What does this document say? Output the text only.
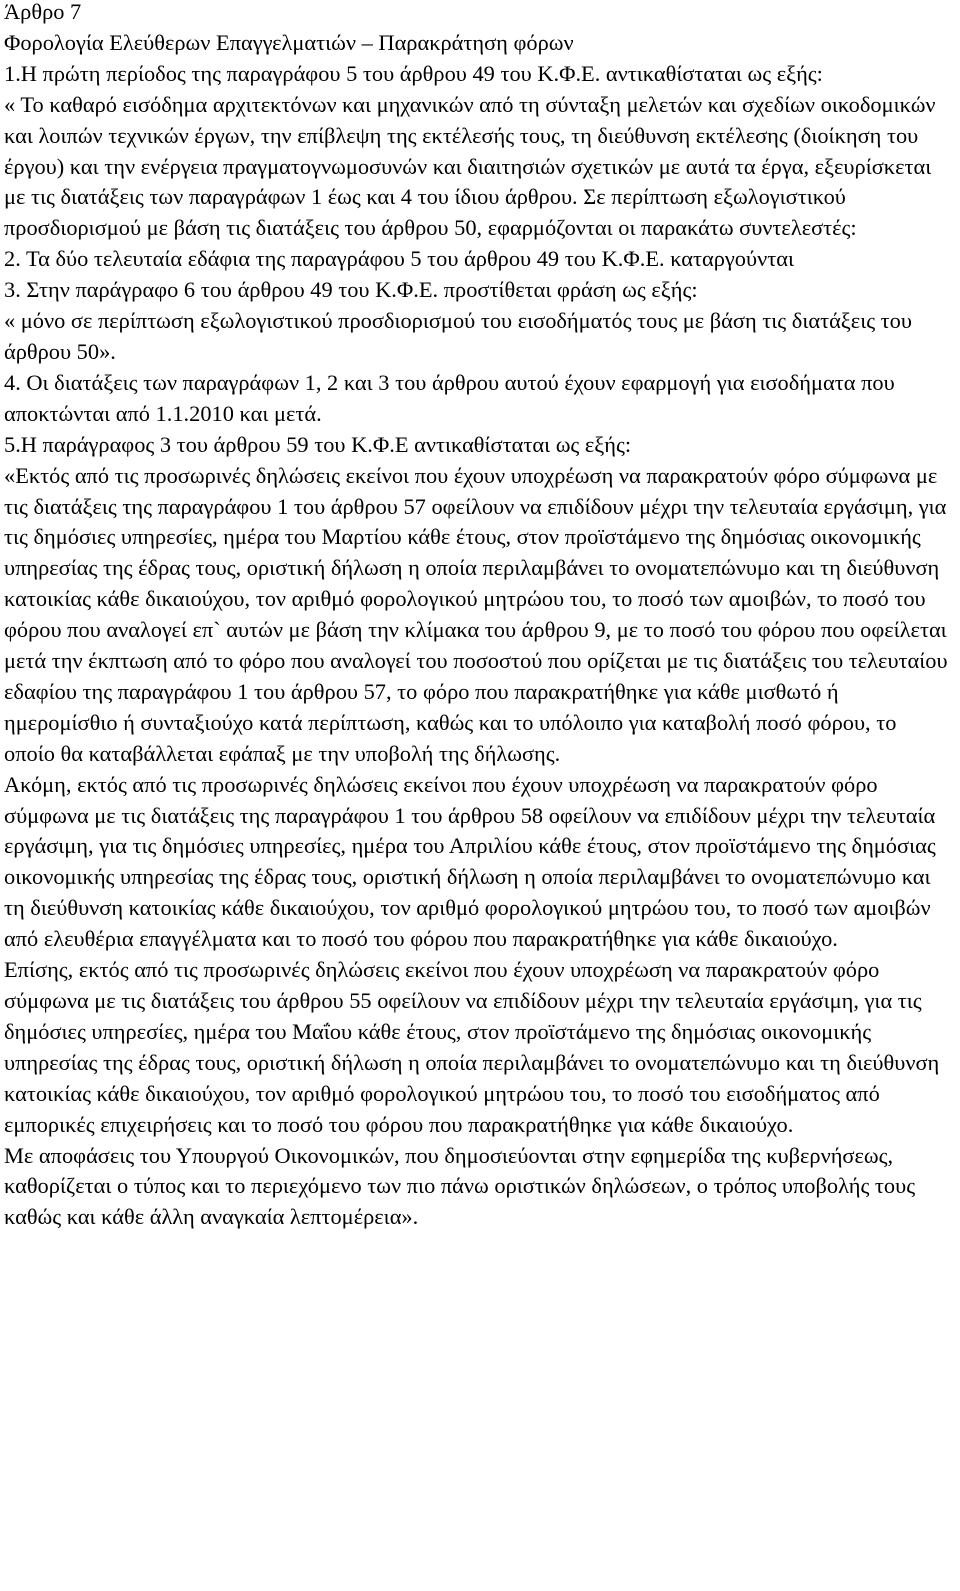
Άρθρο 7

Φορολογία Ελεύθερων Επαγγελματιών – Παρακράτηση φόρων

1.Η πρώτη περίοδος της παραγράφου 5 του άρθρου 49 του Κ.Φ.Ε. αντικαθίσταται ως εξής:

« Το καθαρό εισόδημα αρχιτεκτόνων και μηχανικών από τη σύνταξη μελετών και σχεδίων οικοδομικών και λοιπών τεχνικών έργων, την επίβλεψη της εκτέλεσής τους, τη διεύθυνση εκτέλεσης (διοίκηση του έργου) και την ενέργεια πραγματογνωμοσυνών και διαιτησιών σχετικών με αυτά τα έργα, εξευρίσκεται με τις διατάξεις των παραγράφων 1 έως και 4 του ίδιου άρθρου. Σε περίπτωση εξωλογιστικού προσδιορισμού με βάση τις διατάξεις του άρθρου 50, εφαρμόζονται οι παρακάτω συντελεστές:

2. Τα δύο τελευταία εδάφια της παραγράφου 5 του άρθρου 49 του Κ.Φ.Ε. καταργούνται

3. Στην παράγραφο 6 του άρθρου 49 του Κ.Φ.Ε. προστίθεται φράση ως εξής:

« μόνο σε περίπτωση εξωλογιστικού προσδιορισμού του εισοδήματός τους με βάση τις διατάξεις του άρθρου 50».

4. Οι διατάξεις των παραγράφων 1, 2 και 3 του άρθρου αυτού έχουν εφαρμογή για εισοδήματα που αποκτώνται από 1.1.2010 και μετά.

5.Η παράγραφος 3 του άρθρου 59 του Κ.Φ.Ε αντικαθίσταται ως εξής:

«Εκτός από τις προσωρινές δηλώσεις εκείνοι που έχουν υποχρέωση να παρακρατούν φόρο σύμφωνα με τις διατάξεις της παραγράφου 1 του άρθρου 57 οφείλουν να επιδίδουν μέχρι την τελευταία εργάσιμη, για τις δημόσιες υπηρεσίες, ημέρα του Μαρτίου κάθε έτους, στον προϊστάμενο της δημόσιας οικονομικής υπηρεσίας της έδρας τους, οριστική δήλωση η οποία περιλαμβάνει το ονοματεπώνυμο και τη διεύθυνση κατοικίας κάθε δικαιούχου, τον αριθμό φορολογικού μητρώου του, το ποσό των αμοιβών, το ποσό του φόρου που αναλογεί επ` αυτών με βάση την κλίμακα του άρθρου 9, με το ποσό του φόρου που οφείλεται μετά την έκπτωση από το φόρο που αναλογεί του ποσοστού που ορίζεται με τις διατάξεις του τελευταίου εδαφίου της παραγράφου 1 του άρθρου 57, το φόρο που παρακρατήθηκε για κάθε μισθωτό ή ημερομίσθιο ή συνταξιούχο κατά περίπτωση, καθώς και το υπόλοιπο για καταβολή ποσό φόρου, το οποίο θα καταβάλλεται εφάπαξ με την υποβολή της δήλωσης.

Ακόμη, εκτός από τις προσωρινές δηλώσεις εκείνοι που έχουν υποχρέωση να παρακρατούν φόρο σύμφωνα με τις διατάξεις της παραγράφου 1 του άρθρου 58 οφείλουν να επιδίδουν μέχρι την τελευταία εργάσιμη, για τις δημόσιες υπηρεσίες, ημέρα του Απριλίου κάθε έτους, στον προϊστάμενο της δημόσιας οικονομικής υπηρεσίας της έδρας τους, οριστική δήλωση η οποία περιλαμβάνει το ονοματεπώνυμο και τη διεύθυνση κατοικίας κάθε δικαιούχου, τον αριθμό φορολογικού μητρώου του, το ποσό των αμοιβών από ελευθέρια επαγγέλματα και το ποσό του φόρου που παρακρατήθηκε για κάθε δικαιούχο.

Επίσης, εκτός από τις προσωρινές δηλώσεις εκείνοι που έχουν υποχρέωση να παρακρατούν φόρο σύμφωνα με τις διατάξεις του άρθρου 55 οφείλουν να επιδίδουν μέχρι την τελευταία εργάσιμη, για τις δημόσιες υπηρεσίες, ημέρα του Μαΐου κάθε έτους, στον προϊστάμενο της δημόσιας οικονομικής υπηρεσίας της έδρας τους, οριστική δήλωση η οποία περιλαμβάνει το ονοματεπώνυμο και τη διεύθυνση κατοικίας κάθε δικαιούχου, τον αριθμό φορολογικού μητρώου του, το ποσό του εισοδήματος από εμπορικές επιχειρήσεις και το ποσό του φόρου που παρακρατήθηκε για κάθε δικαιούχο.

Με αποφάσεις του Υπουργού Οικονομικών, που δημοσιεύονται στην εφημερίδα της κυβερνήσεως, καθορίζεται ο τύπος και το περιεχόμενο των πιο πάνω οριστικών δηλώσεων, ο τρόπος υποβολής τους καθώς και κάθε άλλη αναγκαία λεπτομέρεια».
